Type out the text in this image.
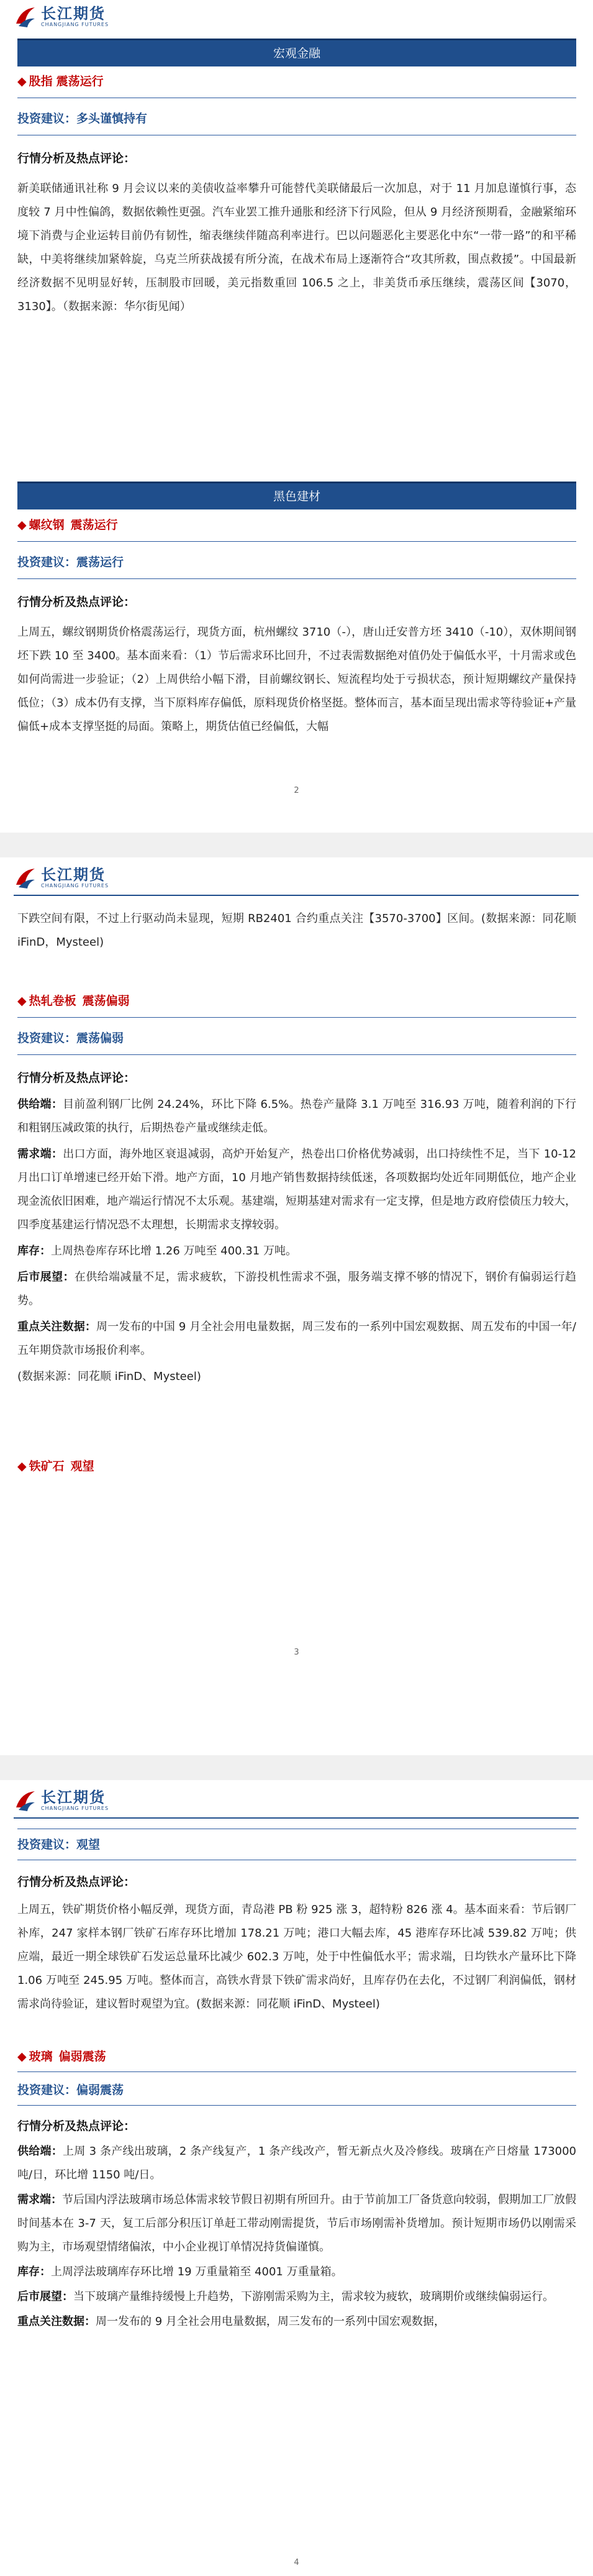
长江期货
CHANGJIANG FUTURES
宏观金融

◆ 股指 震荡运行

投资建议：多头谨慎持有

行情分析及热点评论：

新美联储通讯社称 9 月会议以来的美债收益率攀升可能替代美联储最后一次加息，对于 11 月加息谨慎行事，态度较 7 月中性偏鸽，数据依赖性更强。汽车业罢工推升通胀和经济下行风险，但从 9 月经济预期看，金融紧缩环境下消费与企业运转目前仍有韧性，缩表继续伴随高利率进行。巴以问题恶化主要恶化中东“一带一路”的和平稀缺，中美将继续加紧斡旋，乌克兰所获战援有所分流，在战术布局上逐渐符合“攻其所救，围点救援”。中国最新经济数据不见明显好转，压制股市回暖，美元指数重回 106.5 之上，非美货币承压继续，震荡区间【3070，3130】。（数据来源：华尔街见闻）

黑色建材

◆ 螺纹钢 震荡运行

投资建议：震荡运行

行情分析及热点评论：

上周五，螺纹钢期货价格震荡运行，现货方面，杭州螺纹 3710（-），唐山迁安普方坯 3410（-10），双休期间钢坯下跌 10 至 3400。基本面来看：（1）节后需求环比回升，不过表需数据绝对值仍处于偏低水平，十月需求或色如何尚需进一步验证；（2）上周供给小幅下滑，目前螺纹钢长、短流程均处于亏损状态，预计短期螺纹产量保持低位；（3）成本仍有支撑，当下原料库存偏低，原料现货价格坚挺。整体而言，基本面呈现出需求等待验证+产量偏低+成本支撑坚挺的局面。策略上，期货估值已经偏低，大幅

2
长江期货
CHANGJIANG FUTURES

下跌空间有限，不过上行驱动尚未显现，短期 RB2401 合约重点关注【3570-3700】区间。(数据来源：同花顺 iFinD，Mysteel)

◆ 热轧卷板 震荡偏弱

投资建议：震荡偏弱

行情分析及热点评论：

供给端：目前盈利钢厂比例 24.24%，环比下降 6.5%。热卷产量降 3.1 万吨至 316.93 万吨，随着利润的下行和粗钢压减政策的执行，后期热卷产量或继续走低。

需求端：出口方面，海外地区衰退减弱，高炉开始复产，热卷出口价格优势减弱，出口持续性不足，当下 10-12 月出口订单增速已经开始下滑。地产方面，10 月地产销售数据持续低迷，各项数据均处近年同期低位，地产企业现金流依旧困难，地产端运行情况不太乐观。基建端，短期基建对需求有一定支撑，但是地方政府偿债压力较大，四季度基建运行情况恐不太理想，长期需求支撑较弱。

库存：上周热卷库存环比增 1.26 万吨至 400.31 万吨。

后市展望：在供给端减量不足，需求疲软，下游投机性需求不强，服务端支撑不够的情况下，钢价有偏弱运行趋势。

重点关注数据：周一发布的中国 9 月全社会用电量数据，周三发布的一系列中国宏观数据、周五发布的中国一年/五年期贷款市场报价利率。

(数据来源：同花顺 iFinD、Mysteel)

◆ 铁矿石 观望

3
长江期货
CHANGJIANG FUTURES

投资建议：观望

行情分析及热点评论：

上周五，铁矿期货价格小幅反弹，现货方面，青岛港 PB 粉 925 涨 3，超特粉 826 涨 4。基本面来看：节后钢厂补库，247 家样本钢厂铁矿石库存环比增加 178.21 万吨；港口大幅去库，45 港库存环比减 539.82 万吨；供应端，最近一期全球铁矿石发运总量环比减少 602.3 万吨，处于中性偏低水平；需求端，日均铁水产量环比下降 1.06 万吨至 245.95 万吨。整体而言，高铁水背景下铁矿需求尚好，且库存仍在去化，不过钢厂利润偏低，钢材需求尚待验证，建议暂时观望为宜。(数据来源：同花顺 iFinD、Mysteel)

◆ 玻璃 偏弱震荡

投资建议：偏弱震荡

行情分析及热点评论：

供给端：上周 3 条产线出玻璃，2 条产线复产，1 条产线改产，暂无新点火及冷修线。玻璃在产日熔量 173000 吨/日，环比增 1150 吨/日。

需求端：节后国内浮法玻璃市场总体需求较节假日初期有所回升。由于节前加工厂备货意向较弱，假期加工厂放假时间基本在 3-7 天，复工后部分积压订单赶工带动刚需提货，节后市场刚需补货增加。预计短期市场仍以刚需采购为主，市场观望情绪偏浓，中小企业视订单情况持货偏谨慎。

库存：上周浮法玻璃库存环比增 19 万重量箱至 4001 万重量箱。

后市展望：当下玻璃产量维持缓慢上升趋势，下游刚需采购为主，需求较为疲软，玻璃期价或继续偏弱运行。

重点关注数据：周一发布的 9 月全社会用电量数据，周三发布的一系列中国宏观数据，

4
